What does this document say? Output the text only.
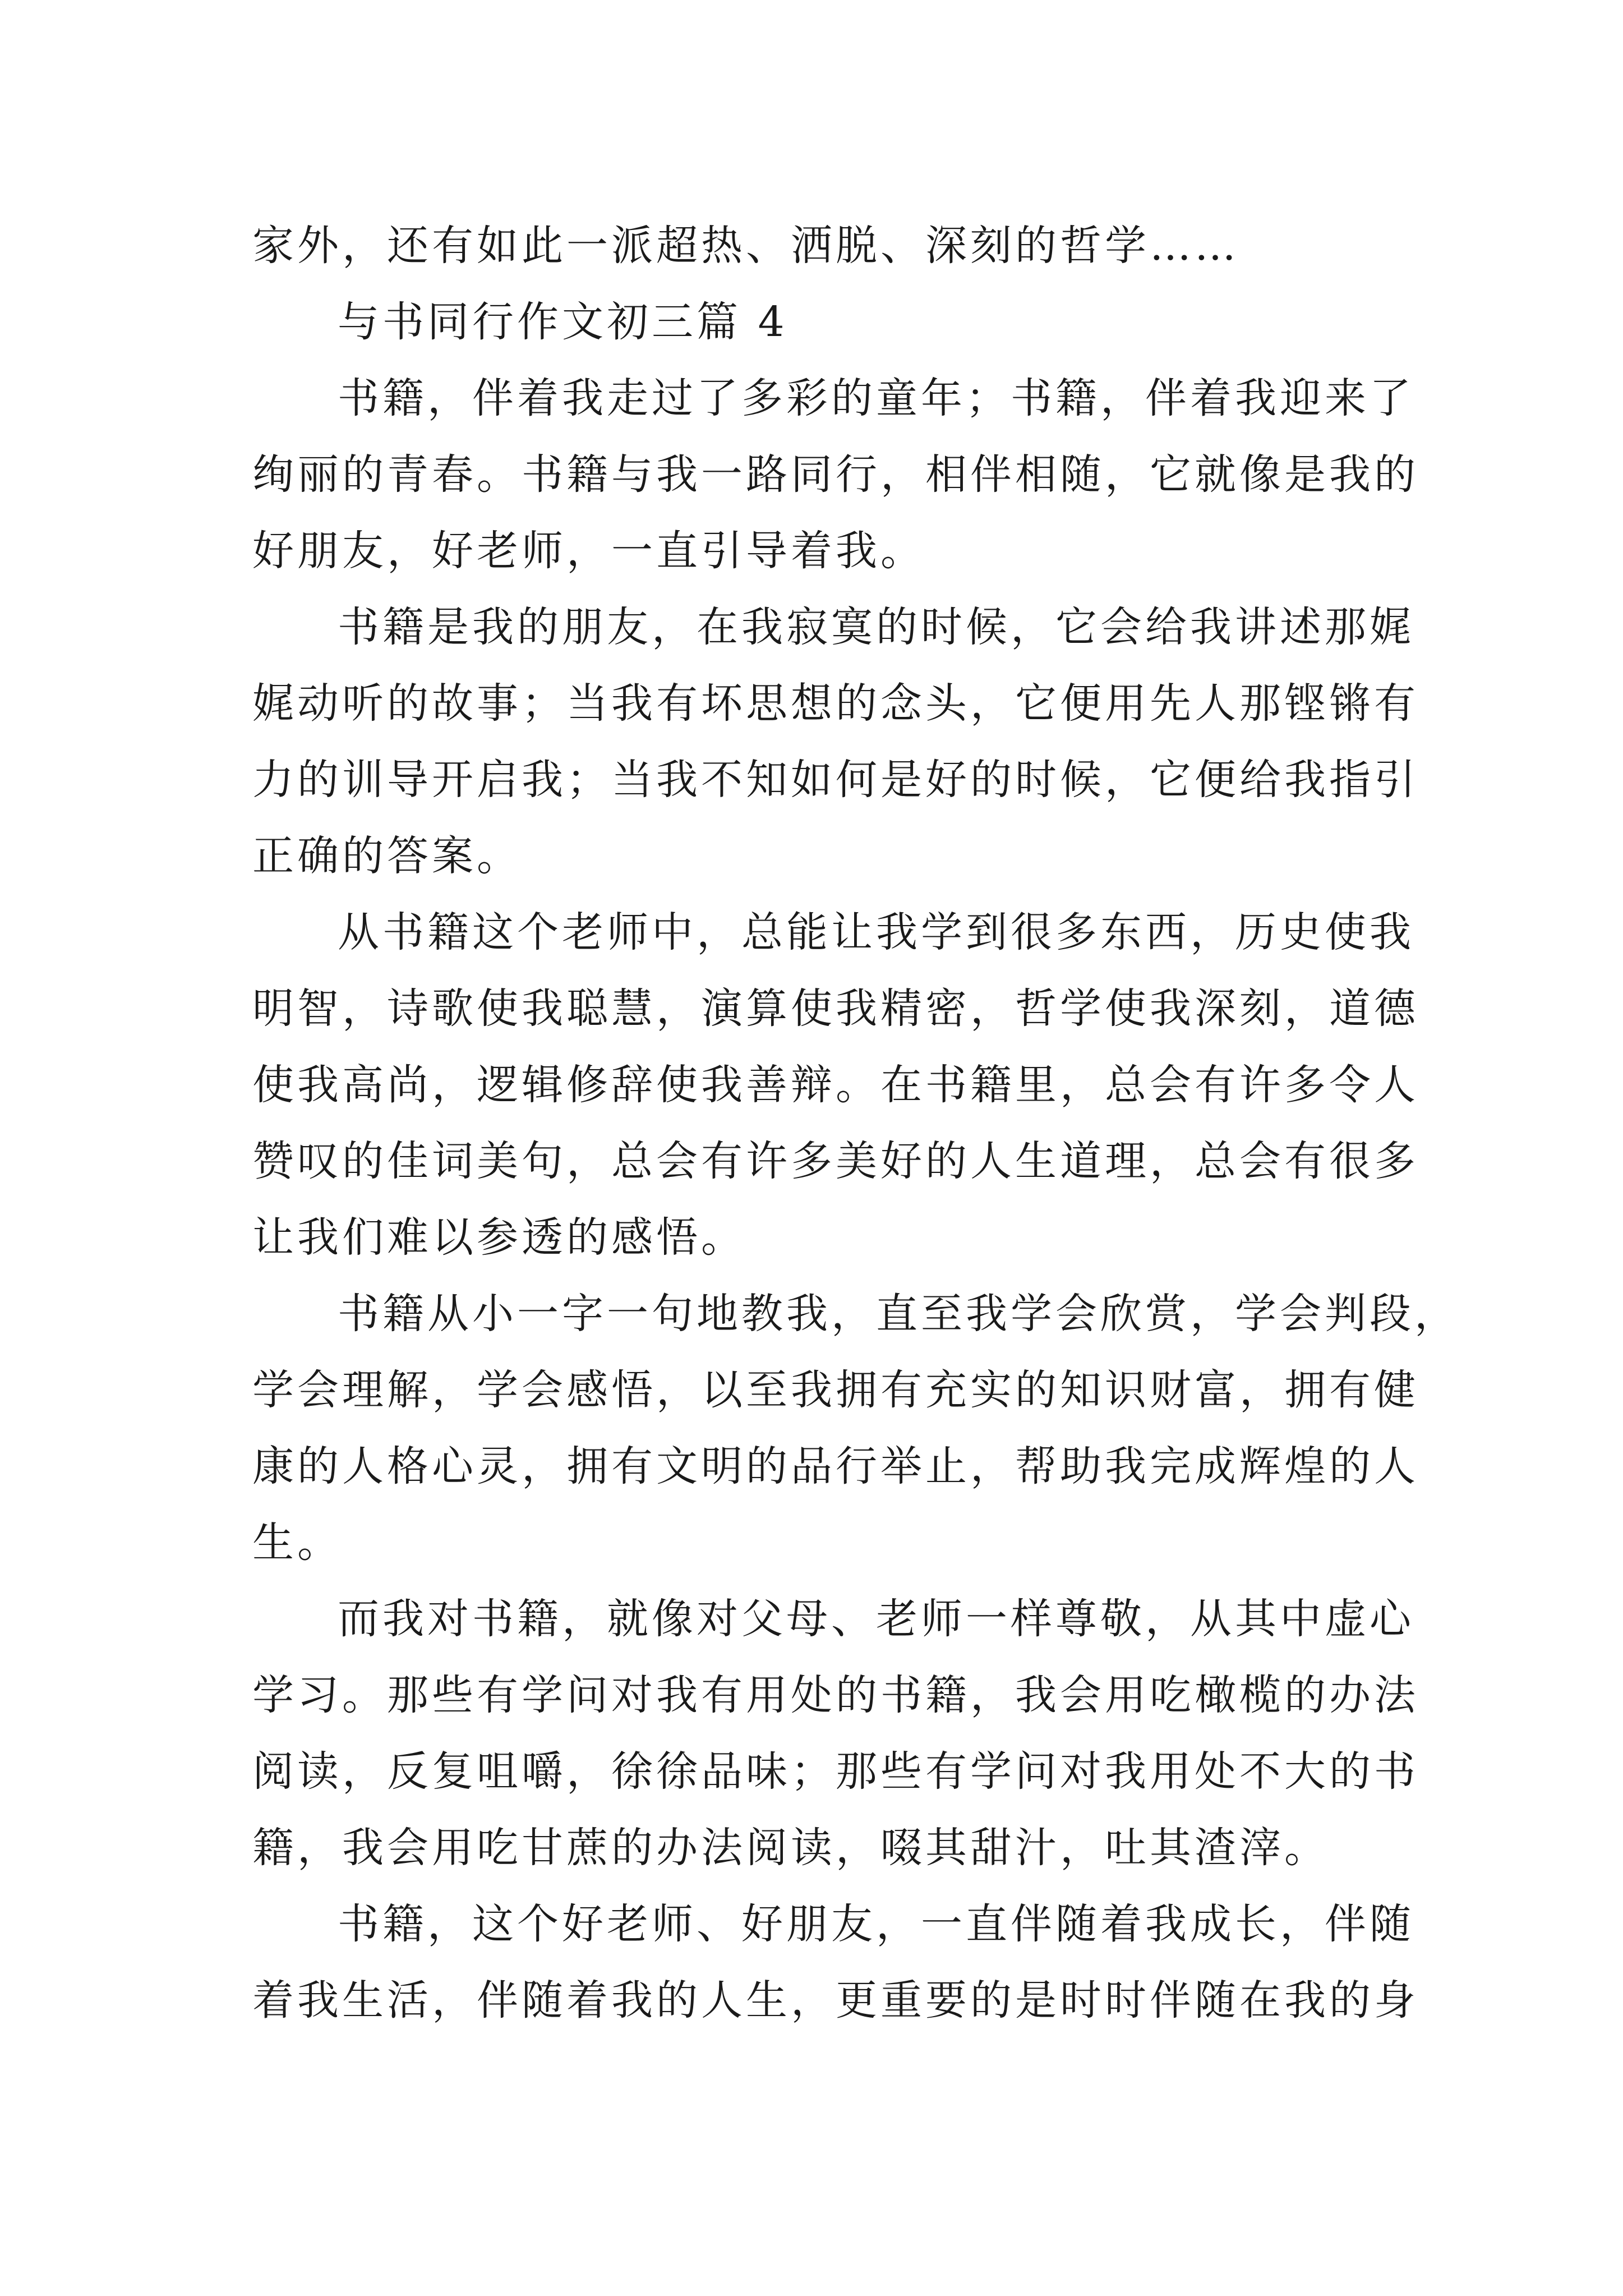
家外，还有如此一派超热、洒脱、深刻的哲学……
与书同行作文初三篇 4
书籍，伴着我走过了多彩的童年；书籍，伴着我迎来了
绚丽的青春。书籍与我一路同行，相伴相随，它就像是我的
好朋友，好老师，一直引导着我。
书籍是我的朋友，在我寂寞的时候，它会给我讲述那娓
娓动听的故事；当我有坏思想的念头，它便用先人那铿锵有
力的训导开启我；当我不知如何是好的时候，它便给我指引
正确的答案。
从书籍这个老师中，总能让我学到很多东西，历史使我
明智，诗歌使我聪慧，演算使我精密，哲学使我深刻，道德
使我高尚，逻辑修辞使我善辩。在书籍里，总会有许多令人
赞叹的佳词美句，总会有许多美好的人生道理，总会有很多
让我们难以参透的感悟。
书籍从小一字一句地教我，直至我学会欣赏，学会判段，
学会理解，学会感悟，以至我拥有充实的知识财富，拥有健
康的人格心灵，拥有文明的品行举止，帮助我完成辉煌的人
生。
而我对书籍，就像对父母、老师一样尊敬，从其中虚心
学习。那些有学问对我有用处的书籍，我会用吃橄榄的办法
阅读，反复咀嚼，徐徐品味；那些有学问对我用处不大的书
籍，我会用吃甘蔗的办法阅读，啜其甜汁，吐其渣滓。
书籍，这个好老师、好朋友，一直伴随着我成长，伴随
着我生活，伴随着我的人生，更重要的是时时伴随在我的身
